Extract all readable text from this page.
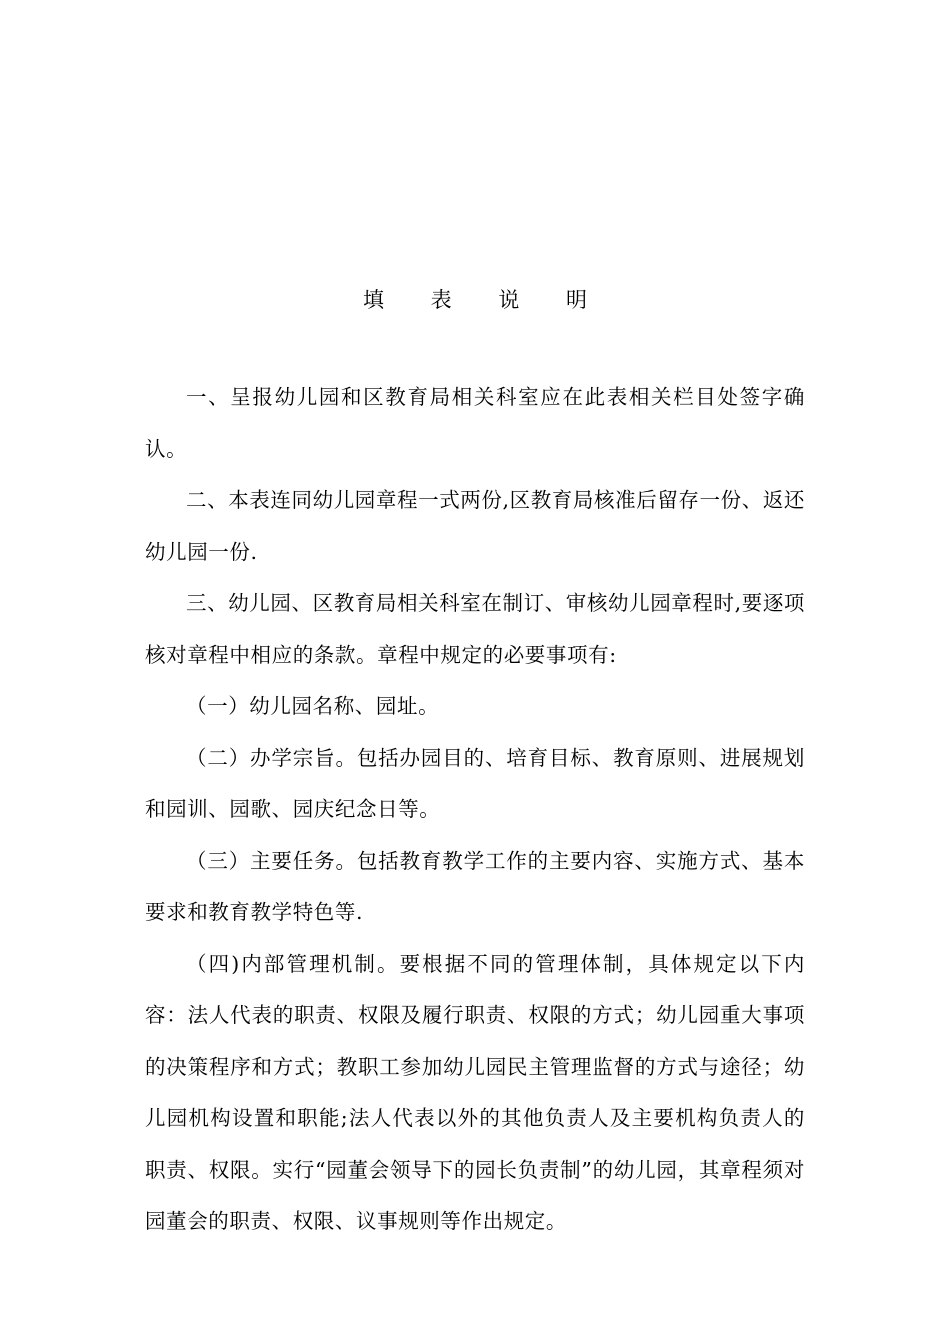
填 表 说 明

一、呈报幼儿园和区教育局相关科室应在此表相关栏目处签字确认。

二、本表连同幼儿园章程一式两份,区教育局核准后留存一份、返还幼儿园一份.

三、幼儿园、区教育局相关科室在制订、审核幼儿园章程时,要逐项核对章程中相应的条款。章程中规定的必要事项有:

（一）幼儿园名称、园址。

（二）办学宗旨。包括办园目的、培育目标、教育原则、进展规划和园训、园歌、园庆纪念日等。

（三）主要任务。包括教育教学工作的主要内容、实施方式、基本要求和教育教学特色等.

（四)内部管理机制。要根据不同的管理体制，具体规定以下内容：法人代表的职责、权限及履行职责、权限的方式；幼儿园重大事项的决策程序和方式；教职工参加幼儿园民主管理监督的方式与途径；幼儿园机构设置和职能;法人代表以外的其他负责人及主要机构负责人的职责、权限。实行“园董会领导下的园长负责制”的幼儿园，其章程须对园董会的职责、权限、议事规则等作出规定。
